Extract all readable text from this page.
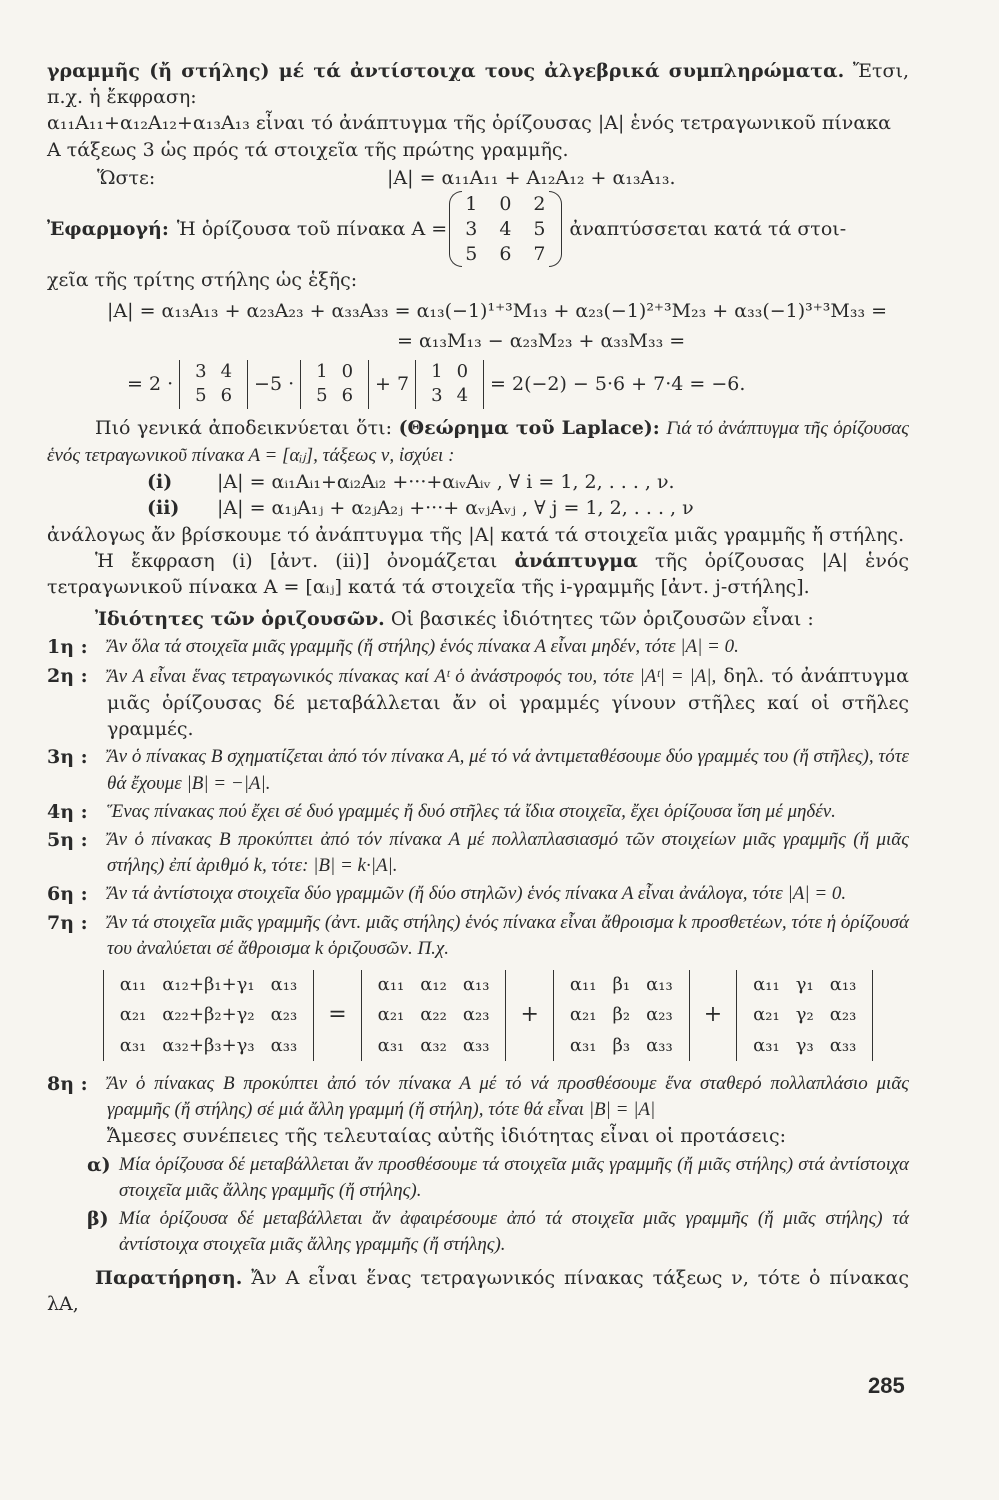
γραμμῆς (ἤ στήλης) μέ τά ἀντίστοιχα τους ἀλγεβρικά συμπληρώματα. Ἔτσι, π.χ. ἡ ἔκφραση:
α₁₁Α₁₁+α₁₂Α₁₂+α₁₃Α₁₃ εἶναι τό ἀνάπτυγμα τῆς ὁρίζουσας |Α| ἑνός τετραγωνικοῦ πίνακα
Α τάξεως 3 ὡς πρός τά στοιχεῖα τῆς πρώτης γραμμῆς.
Ὥστε:	|Α| = α₁₁Α₁₁ + Α₁₂Α₁₂ + α₁₃Α₁₃.
Ἐφαρμογή: Ἡ ὁρίζουσα τοῦ πίνακα Α =
1	0	2
3	4	5
5	6	7
ἀναπτύσσεται κατά τά στοι-
χεῖα τῆς τρίτης στήλης ὡς ἑξῆς:
|Α| = α₁₃Α₁₃ + α₂₃Α₂₃ + α₃₃Α₃₃ = α₁₃(−1)¹⁺³Μ₁₃ + α₂₃(−1)²⁺³Μ₂₃ + α₃₃(−1)³⁺³Μ₃₃ =
= α₁₃Μ₁₃ − α₂₃Μ₂₃ + α₃₃Μ₃₃ =
= 2 ·
3	4
5	6
−5 ·
1	0
5	6
+ 7
1	0
3	4
= 2(−2) − 5·6 + 7·4 = −6.
Πιό γενικά ἀποδεικνύεται ὅτι: (Θεώρημα τοῦ Laplace): Γιά τό ἀνάπτυγμα τῆς ὁρίζουσας ἑνός τετραγωνικοῦ πίνακα Α = [αᵢⱼ], τάξεως ν, ἰσχύει :
(i)	|Α| = αᵢ₁Αᵢ₁+αᵢ₂Αᵢ₂ +···+αᵢᵥΑᵢᵥ , ∀ i = 1, 2, . . . , ν.
(ii)	|Α| = α₁ⱼΑ₁ⱼ + α₂ⱼΑ₂ⱼ +···+ αᵥⱼΑᵥⱼ , ∀ j = 1, 2, . . . , ν
ἀνάλογως ἄν βρίσκουμε τό ἀνάπτυγμα τῆς |Α| κατά τά στοιχεῖα μιᾶς γραμμῆς ἤ στήλης.
Ἡ ἔκφραση (i) [ἀντ. (ii)] ὀνομάζεται ἀνάπτυγμα τῆς ὁρίζουσας |Α| ἑνός τετραγωνικοῦ πίνακα Α = [αᵢⱼ] κατά τά στοιχεῖα τῆς i-γραμμῆς [ἀντ. j-στήλης].
Ἰδιότητες τῶν ὁριζουσῶν. Οἱ βασικές ἰδιότητες τῶν ὁριζουσῶν εἶναι :
1η :	Ἄν ὅλα τά στοιχεῖα μιᾶς γραμμῆς (ἤ στήλης) ἑνός πίνακα Α εἶναι μηδέν, τότε |Α| = 0.
2η :	Ἄν Α εἶναι ἕνας τετραγωνικός πίνακας καί Αᵗ ὁ ἀνάστροφός του, τότε |Αᵗ| = |Α|, δηλ. τό ἀνάπτυγμα μιᾶς ὁρίζουσας δέ μεταβάλλεται ἄν οἱ γραμμές γίνουν στῆλες καί οἱ στῆλες γραμμές.
3η :	Ἄν ὁ πίνακας Β σχηματίζεται ἀπό τόν πίνακα Α, μέ τό νά ἀντιμεταθέσουμε δύο γραμμές του (ἤ στῆλες), τότε θά ἔχουμε |Β| = −|Α|.
4η :	Ἕνας πίνακας πού ἔχει σέ δυό γραμμές ἤ δυό στῆλες τά ἴδια στοιχεῖα, ἔχει ὁρίζουσα ἴση μέ μηδέν.
5η :	Ἄν ὁ πίνακας Β προκύπτει ἀπό τόν πίνακα Α μέ πολλαπλασιασμό τῶν στοιχείων μιᾶς γραμμῆς (ἤ μιᾶς στήλης) ἐπί ἀριθμό k, τότε: |Β| = k·|Α|.
6η :	Ἄν τά ἀντίστοιχα στοιχεῖα δύο γραμμῶν (ἤ δύο στηλῶν) ἑνός πίνακα Α εἶναι ἀνάλογα, τότε |Α| = 0.
7η :	Ἄν τά στοιχεῖα μιᾶς γραμμῆς (ἀντ. μιᾶς στήλης) ἑνός πίνακα εἶναι ἄθροισμα k προσθετέων, τότε ἡ ὁρίζουσά του ἀναλύεται σέ ἄθροισμα k ὁριζουσῶν. Π.χ.
α₁₁	α₁₂+β₁+γ₁	α₁₃
α₂₁	α₂₂+β₂+γ₂	α₂₃
α₃₁	α₃₂+β₃+γ₃	α₃₃
=
α₁₁	α₁₂	α₁₃
α₂₁	α₂₂	α₂₃
α₃₁	α₃₂	α₃₃
+
α₁₁	β₁	α₁₃
α₂₁	β₂	α₂₃
α₃₁	β₃	α₃₃
+
α₁₁	γ₁	α₁₃
α₂₁	γ₂	α₂₃
α₃₁	γ₃	α₃₃
8η :	Ἄν ὁ πίνακας Β προκύπτει ἀπό τόν πίνακα Α μέ τό νά προσθέσουμε ἕνα σταθερό πολλαπλάσιο μιᾶς γραμμῆς (ἤ στήλης) σέ μιά ἄλλη γραμμή (ἤ στήλη), τότε θά εἶναι |Β| = |Α|
Ἄμεσες συνέπειες τῆς τελευταίας αὐτῆς ἰδιότητας εἶναι οἱ προτάσεις:
α) Μία ὁρίζουσα δέ μεταβάλλεται ἄν προσθέσουμε τά στοιχεῖα μιᾶς γραμμῆς (ἤ μιᾶς στήλης) στά ἀντίστοιχα στοιχεῖα μιᾶς ἄλλης γραμμῆς (ἤ στήλης).
β) Μία ὁρίζουσα δέ μεταβάλλεται ἄν ἀφαιρέσουμε ἀπό τά στοιχεῖα μιᾶς γραμμῆς (ἤ μιᾶς στήλης) τά ἀντίστοιχα στοιχεῖα μιᾶς ἄλλης γραμμῆς (ἤ στήλης).
Παρατήρηση. Ἄν Α εἶναι ἕνας τετραγωνικός πίνακας τάξεως ν, τότε ὁ πίνακας λΑ,
285
